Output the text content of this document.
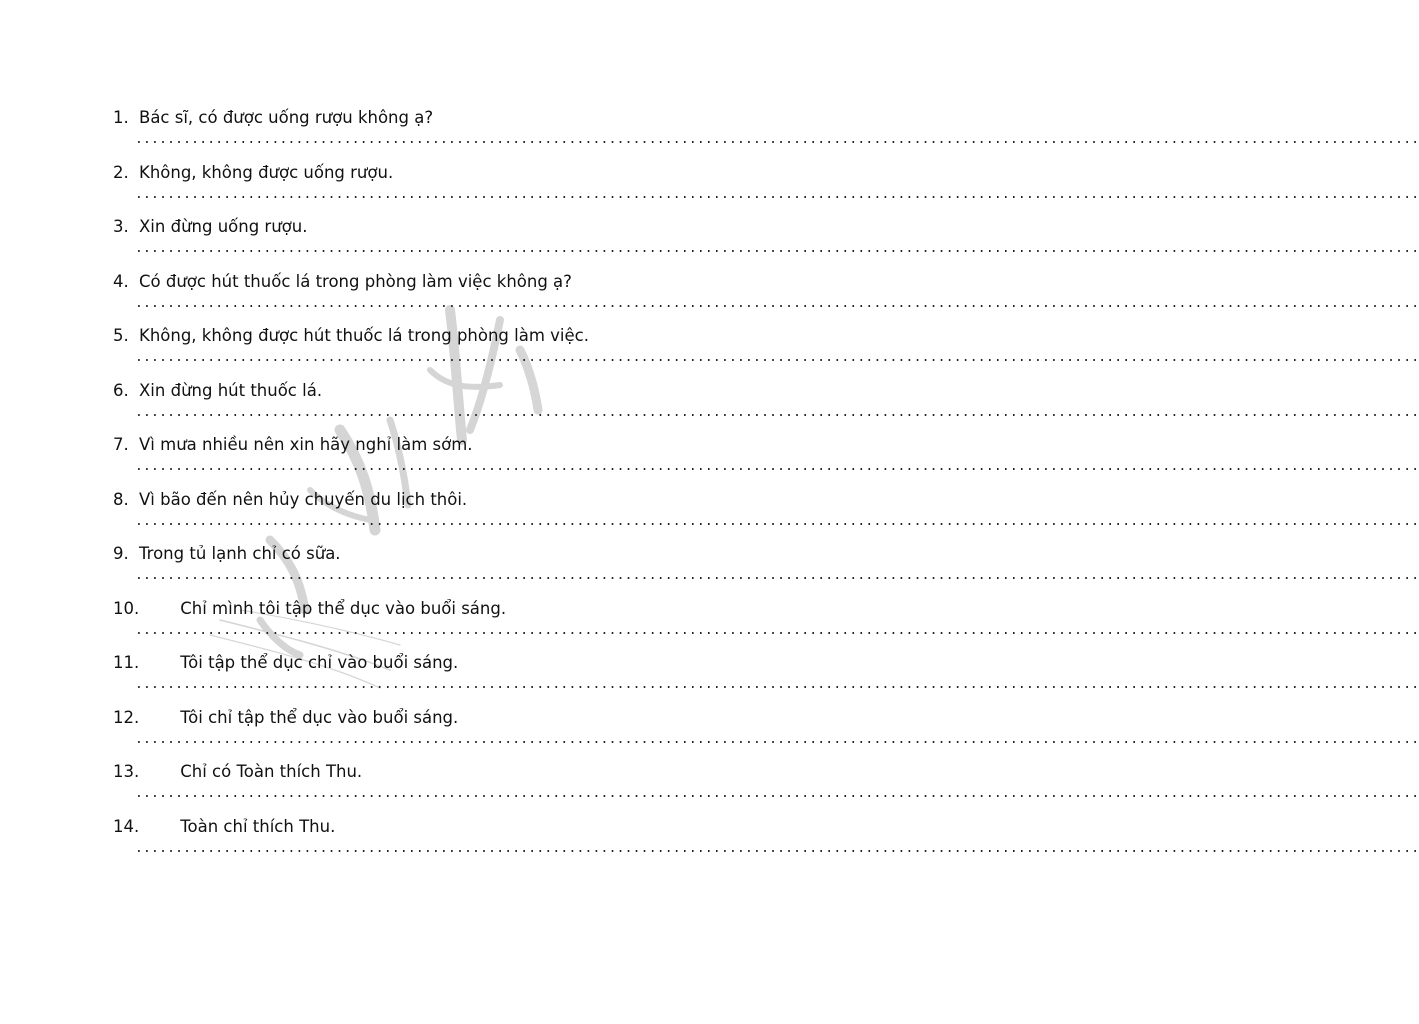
1. Bác sĩ, có được uống rượu không ạ?
................................................................................................................................................................
2. Không, không được uống rượu.
................................................................................................................................................................
3. Xin đừng uống rượu.
................................................................................................................................................................
4. Có được hút thuốc lá trong phòng làm việc không ạ?
................................................................................................................................................................
5. Không, không được hút thuốc lá trong phòng làm việc.
................................................................................................................................................................
6. Xin đừng hút thuốc lá.
................................................................................................................................................................
7. Vì mưa nhiều nên xin hãy nghỉ làm sớm.
................................................................................................................................................................
8. Vì bão đến nên hủy chuyến du lịch thôi.
................................................................................................................................................................
9. Trong tủ lạnh chỉ có sữa.
................................................................................................................................................................
10. Chỉ mình tôi tập thể dục vào buổi sáng.
................................................................................................................................................................
11. Tôi tập thể dục chỉ vào buổi sáng.
................................................................................................................................................................
12. Tôi chỉ tập thể dục vào buổi sáng.
................................................................................................................................................................
13. Chỉ có Toàn thích Thu.
................................................................................................................................................................
14. Toàn chỉ thích Thu.
................................................................................................................................................................
